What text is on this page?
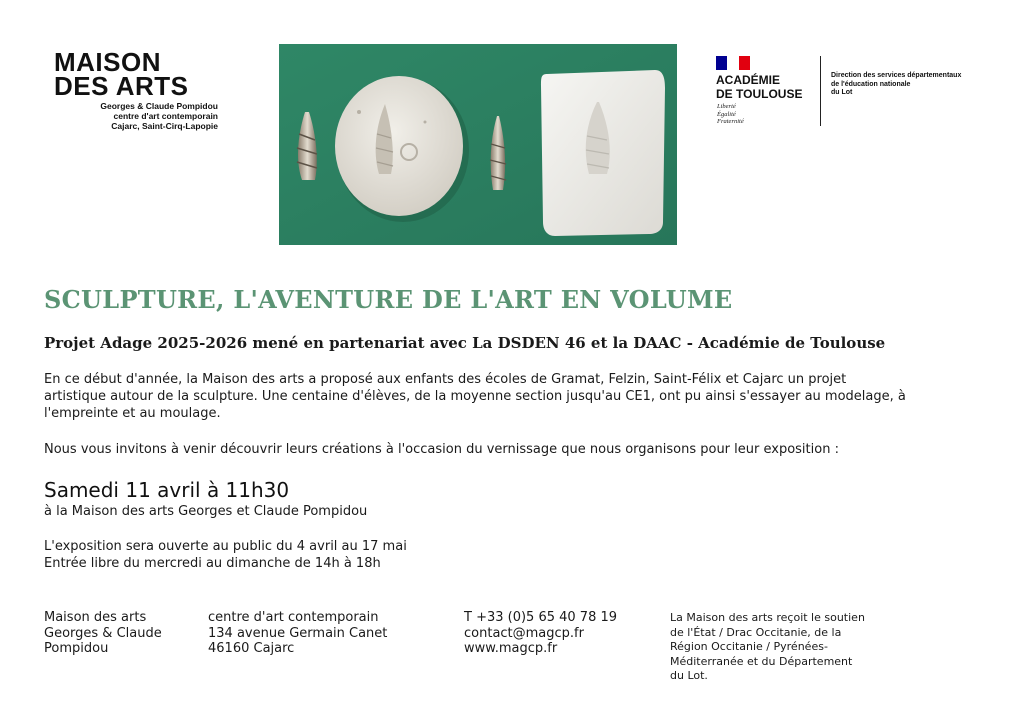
MAISON
DES ARTS
Georges & Claude Pompidou
centre d'art contemporain
Cajarc, Saint-Cirq-Lapopie
ACADÉMIE
DE TOULOUSE
Liberté
Égalité
Fraternité
Direction des services départementaux
de l'éducation nationale
du Lot
SCULPTURE, L'AVENTURE DE L'ART EN VOLUME
Projet Adage 2025-2026 mené en partenariat avec La DSDEN 46 et la DAAC - Académie de Toulouse
En ce début d'année, la Maison des arts a proposé aux enfants des écoles de Gramat, Felzin, Saint-Félix et Cajarc un projet
artistique autour de la sculpture. Une centaine d'élèves, de la moyenne section jusqu'au CE1, ont pu ainsi s'essayer au modelage, à
l'empreinte et au moulage.
Nous vous invitons à venir découvrir leurs créations à l'occasion du vernissage que nous organisons pour leur exposition :
Samedi 11 avril à 11h30
à la Maison des arts Georges et Claude Pompidou
L'exposition sera ouverte au public du 4 avril au 17 mai
Entrée libre du mercredi au dimanche de 14h à 18h
Maison des arts
Georges & Claude
Pompidou
centre d'art contemporain
134 avenue Germain Canet
46160 Cajarc
T +33 (0)5 65 40 78 19
contact@magcp.fr
www.magcp.fr
La Maison des arts reçoit le soutien
de l'État / Drac Occitanie, de la
Région Occitanie / Pyrénées-
Méditerranée et du Département
du Lot.
